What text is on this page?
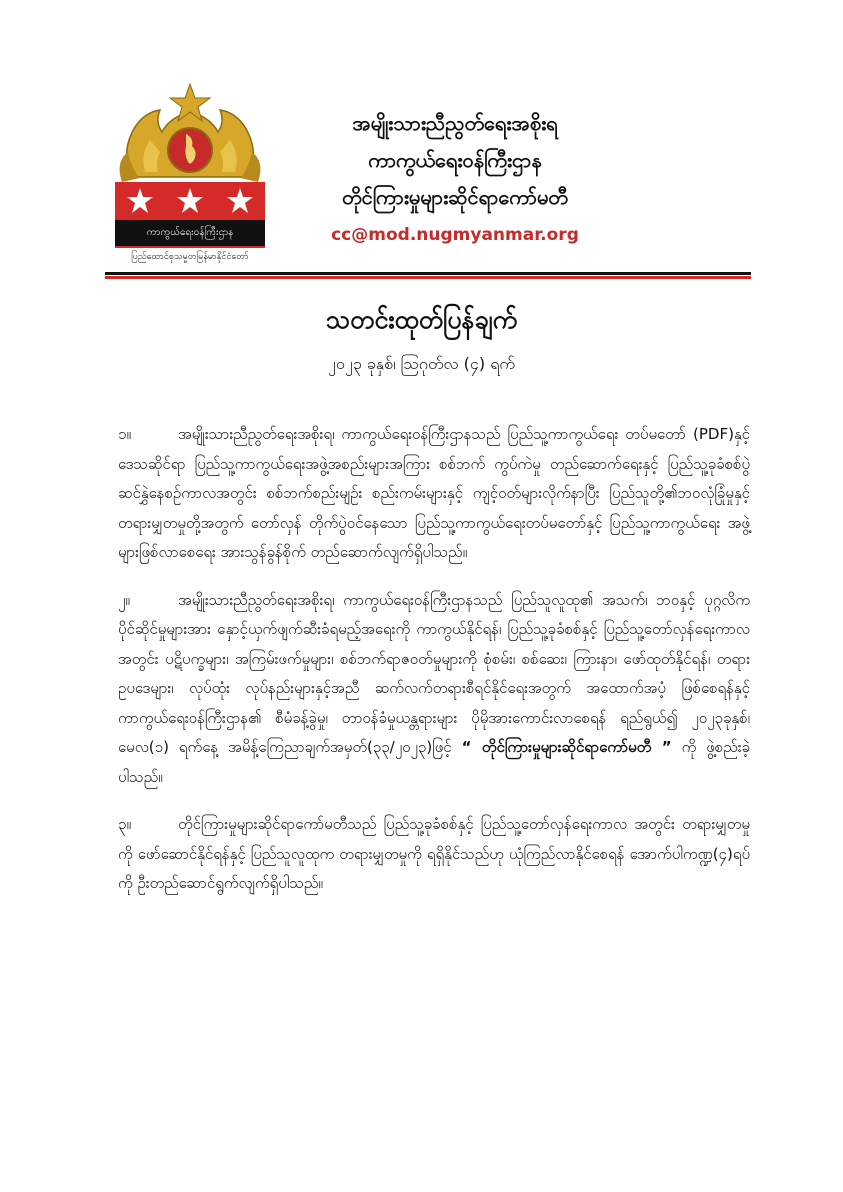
ကာကွယ်ရေးဝန်ကြီးဌာန
ပြည်ထောင်စုသမ္မတမြန်မာနိုင်ငံတော်
အမျိုးသားညီညွတ်ရေးအစိုးရ
ကာကွယ်ရေးဝန်ကြီးဌာန
တိုင်ကြားမှုများဆိုင်ရာကော်မတီ
cc@mod.nugmyanmar.org
သတင်းထုတ်ပြန်ချက်
၂၀၂၃ ခုနှစ်၊ ဩဂုတ်လ (၄) ရက်

၁။	အမျိုးသားညီညွတ်ရေးအစိုးရ၊ ကာကွယ်ရေးဝန်ကြီးဌာနသည် ပြည်သူ့ကာကွယ်ရေး တပ်မတော် (PDF)နှင့် ဒေသဆိုင်ရာ ပြည်သူ့ကာကွယ်ရေးအဖွဲ့အစည်းများအကြား စစ်ဘက် ကွပ်ကဲမှု တည်ဆောက်ရေးနှင့် ပြည်သူ့ခုခံစစ်ပွဲ ဆင်နွှဲနေစဉ်ကာလအတွင်း စစ်ဘက်စည်းမျဉ်း စည်းကမ်းများနှင့် ကျင့်ဝတ်များလိုက်နာပြီး ပြည်သူတို့၏ဘဝလုံခြုံမှုနှင့် တရားမျှတမှုတို့အတွက် တော်လှန် တိုက်ပွဲဝင်နေသော ပြည်သူ့ကာကွယ်ရေးတပ်မတော်နှင့် ပြည်သူ့ကာကွယ်ရေး အဖွဲ့များဖြစ်လာစေရေး အားသွန်ခွန်စိုက် တည်ဆောက်လျက်ရှိပါသည်။

၂။	အမျိုးသားညီညွတ်ရေးအစိုးရ၊ ကာကွယ်ရေးဝန်ကြီးဌာနသည် ပြည်သူလူထု၏ အသက်၊ ဘဝနှင့် ပုဂ္ဂလိက ပိုင်ဆိုင်မှုများအား နှောင့်ယှက်ဖျက်ဆီးခံရမည့်အရေးကို ကာကွယ်နိုင်ရန်၊ ပြည်သူ့ခုခံစစ်နှင့် ပြည်သူ့တော်လှန်ရေးကာလအတွင်း ပဋိပက္ခများ၊ အကြမ်းဖက်မှုများ၊ စစ်ဘက်ရာဇဝတ်မှုများကို စုံစမ်း၊ စစ်ဆေး၊ ကြားနာ၊ ဖော်ထုတ်နိုင်ရန်၊ တရားဥပဒေများ၊ လုပ်ထုံး လုပ်နည်းများနှင့်အညီ ဆက်လက်တရားစီရင်နိုင်ရေးအတွက် အထောက်အပံ့ ဖြစ်စေရန်နှင့် ကာကွယ်ရေးဝန်ကြီးဌာန၏ စီမံခန့်ခွဲမှု၊ တာဝန်ခံမှုယန္တရားများ ပိုမိုအားကောင်းလာစေရန် ရည်ရွယ်၍ ၂၀၂၃ခုနှစ်၊ မေလ(၁) ရက်နေ့ အမိန့်ကြေညာချက်အမှတ်(၃၃/၂၀၂၃)ဖြင့် “ တိုင်ကြားမှုများဆိုင်ရာကော်မတီ ” ကို ဖွဲ့စည်းခဲ့ပါသည်။

၃။	တိုင်ကြားမှုများဆိုင်ရာကော်မတီသည် ပြည်သူ့ခုခံစစ်နှင့် ပြည်သူ့တော်လှန်ရေးကာလ အတွင်း တရားမျှတမှုကို ဖော်ဆောင်နိုင်ရန်နှင့် ပြည်သူလူထုက တရားမျှတမှုကို ရရှိနိုင်သည်ဟု ယုံကြည်လာနိုင်စေရန် အောက်ပါကဏ္ဍ(၄)ရပ်ကို ဦးတည်ဆောင်ရွက်လျက်ရှိပါသည်။
